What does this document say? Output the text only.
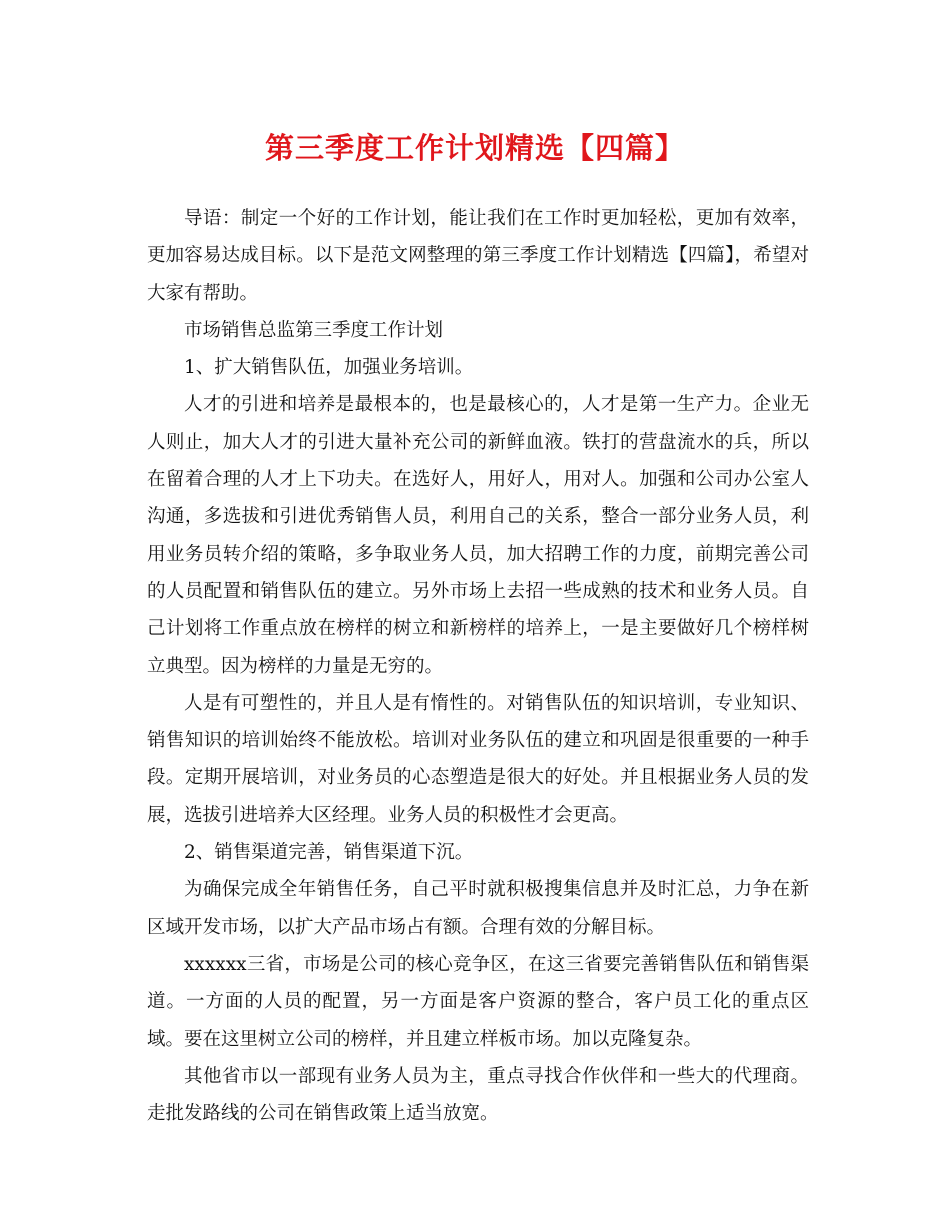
第三季度工作计划精选【四篇】

导语：制定一个好的工作计划，能让我们在工作时更加轻松，更加有效率，更加容易达成目标。以下是范文网整理的第三季度工作计划精选【四篇】，希望对大家有帮助。

市场销售总监第三季度工作计划

1、扩大销售队伍，加强业务培训。

人才的引进和培养是最根本的，也是最核心的，人才是第一生产力。企业无人则止，加大人才的引进大量补充公司的新鲜血液。铁打的营盘流水的兵，所以在留着合理的人才上下功夫。在选好人，用好人，用对人。加强和公司办公室人沟通，多选拔和引进优秀销售人员，利用自己的关系，整合一部分业务人员，利用业务员转介绍的策略，多争取业务人员，加大招聘工作的力度，前期完善公司的人员配置和销售队伍的建立。另外市场上去招一些成熟的技术和业务人员。自己计划将工作重点放在榜样的树立和新榜样的培养上，一是主要做好几个榜样树立典型。因为榜样的力量是无穷的。

人是有可塑性的，并且人是有惰性的。对销售队伍的知识培训，专业知识、销售知识的培训始终不能放松。培训对业务队伍的建立和巩固是很重要的一种手段。定期开展培训，对业务员的心态塑造是很大的好处。并且根据业务人员的发展，选拔引进培养大区经理。业务人员的积极性才会更高。

2、销售渠道完善，销售渠道下沉。

为确保完成全年销售任务，自己平时就积极搜集信息并及时汇总，力争在新区域开发市场，以扩大产品市场占有额。合理有效的分解目标。

xxxxxx三省，市场是公司的核心竞争区，在这三省要完善销售队伍和销售渠道。一方面的人员的配置，另一方面是客户资源的整合，客户员工化的重点区域。要在这里树立公司的榜样，并且建立样板市场。加以克隆复杂。

其他省市以一部现有业务人员为主，重点寻找合作伙伴和一些大的代理商。走批发路线的公司在销售政策上适当放宽。
